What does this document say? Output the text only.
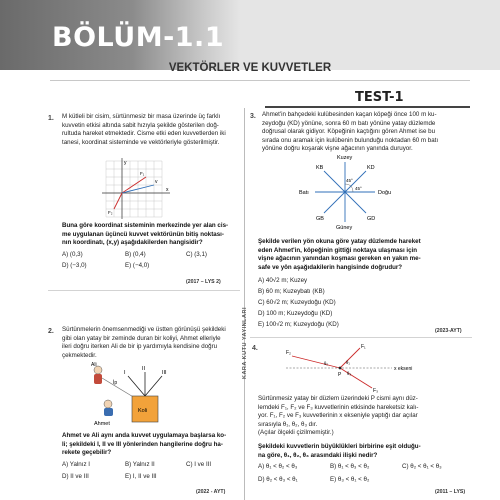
BÖLÜM-1.1
VEKTÖRLER VE KUVVETLER
TEST-1
KARA KUTU YAYINLARI
1. M kütleli bir cisim, sürtünmesiz bir masa üzerinde üç farklı
kuvvetin etkisi altında sabit hızıyla şekilde gösterilen doğ-
rultuda hareket etmektedir. Cisme etki eden kuvvetlerden iki
tanesi, koordinat sisteminde ve vektörleriyle gösterilmiştir.
y
x
v
F₁
F₂
Buna göre koordinat sisteminin merkezinde yer alan cis-
me uygulanan üçüncü kuvvet vektörünün bitiş noktası-
nın koordinatı, (x,y) aşağıdakilerden hangisidir?
A) (0,3)	B) (0,4)	C) (3,1)
D) (−3,0)	E) (−4,0)
(2017 – LYS 2)
2. Sürtünmelerin önemsenmediği ve üstten görünüşü şekildeki
gibi olan yatay bir zeminde duran bir koliyi, Ahmet elleriyle
ileri doğru iterken Ali de bir ip yardımıyla kendisine doğru
çekmektedir.
Ali
İp
Ahmet
Koli
I
II
III
Ahmet ve Ali aynı anda kuvvet uygulamaya başlarsa ko-
li; şekildeki I, II ve III yönlerinden hangilerine doğru ha-
rekete geçebilir?
A) Yalnız I	B) Yalnız II	C) I ve III
D) II ve III	E) I, II ve III
(2022 - AYT)
3. Ahmet'in bahçedeki kulübesinden kaçan köpeği önce 100 m ku-
zeydoğu (KD) yönüne, sonra 60 m batı yönüne yatay düzlemde
doğrusal olarak gidiyor. Köpeğinin kaçtığını gören Ahmet ise bu
sırada onu aramak için kulübenin bulunduğu noktadan 60 m batı
yönüne doğru koşarak vişne ağacının yanında duruyor.
Kuzey
Güney
Doğu
Batı
KB	KD
GB	GD
45°
45°
Şekilde verilen yön okuna göre yatay düzlemde hareket
eden Ahmet'in, köpeğinin gittiği noktaya ulaşması için
vişne ağacının yanından koşması gereken en yakın me-
safe ve yön aşağıdakilerin hangisinde doğrudur?
A) 40√2 m; Kuzey
B) 60 m; Kuzeybatı (KB)
C) 60√2 m; Kuzeydoğu (KD)
D) 100 m; Kuzeydoğu (KD)
E) 100√2 m; Kuzeydoğu (KD)
(2023-AYT)
4.
x ekseni
P
F₁
F₂
F₃
θ₁
θ₂
θ₃
Sürtünmesiz yatay bir düzlem üzerindeki P cismi aynı düz-
lemdeki F₁, F₂ ve F₃ kuvvetlerinin etkisinde hareketsiz kalı-
yor. F₁, F₂ ve F₃ kuvvetlerinin x ekseniyle yaptığı dar açılar
sırasıyla θ₁, θ₂, θ₃ dır.
(Açılar ölçekli çizilmemiştir.)
Şekildeki kuvvetlerin büyüklükleri birbirine eşit olduğu-
na göre, θ₁, θ₂, θ₃ arasındaki ilişki nedir?
A) θ₁ < θ₂ < θ₃	B) θ₁ < θ₃ < θ₂	C) θ₂ < θ₁ < θ₃
D) θ₂ < θ₃ < θ₁	E) θ₃ < θ₁ < θ₂
(2011 – LYS)
